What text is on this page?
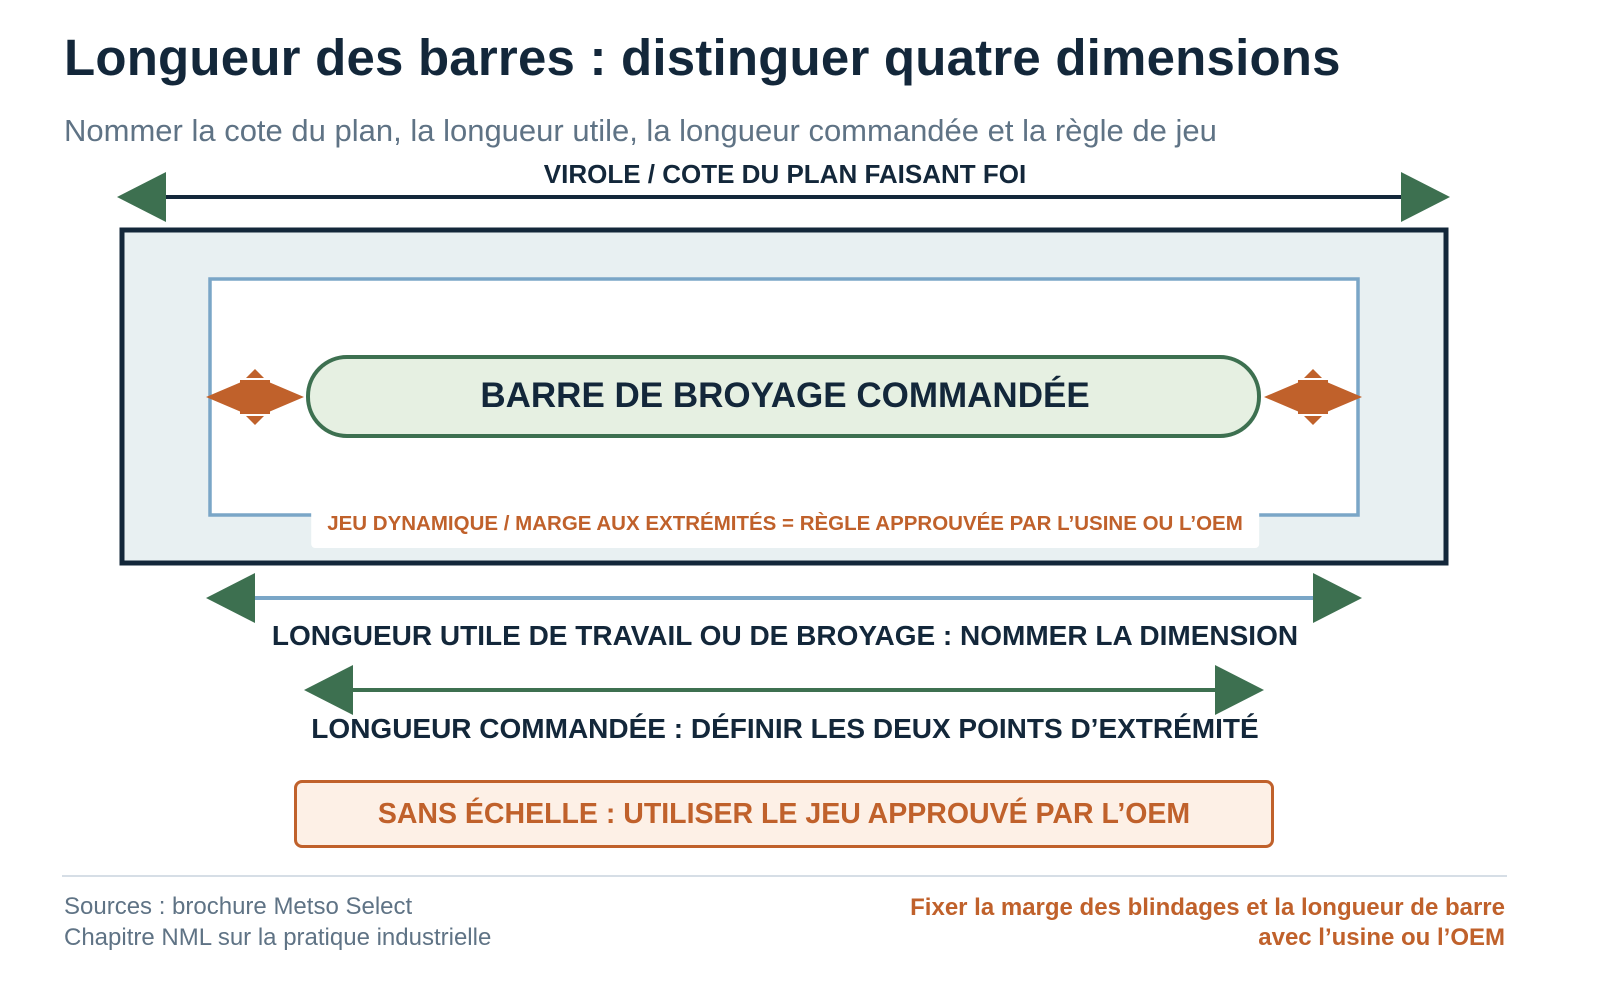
Longueur des barres : distinguer quatre dimensions
Nommer la cote du plan, la longueur utile, la longueur commandée et la règle de jeu
VIROLE / COTE DU PLAN FAISANT FOI
BARRE DE BROYAGE COMMANDÉE
JEU DYNAMIQUE / MARGE AUX EXTRÉMITÉS = RÈGLE APPROUVÉE PAR L’USINE OU L’OEM
LONGUEUR UTILE DE TRAVAIL OU DE BROYAGE : NOMMER LA DIMENSION
LONGUEUR COMMANDÉE : DÉFINIR LES DEUX POINTS D’EXTRÉMITÉ
SANS ÉCHELLE : UTILISER LE JEU APPROUVÉ PAR L’OEM
Sources : brochure Metso Select
Chapitre NML sur la pratique industrielle
Fixer la marge des blindages et la longueur de barre
avec l’usine ou l’OEM
